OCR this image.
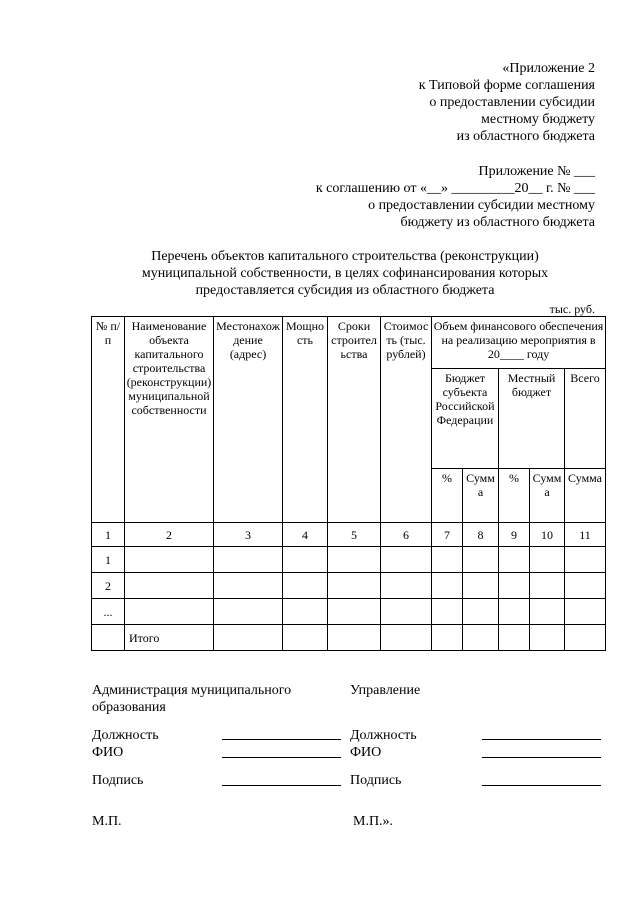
«Приложение 2
к Типовой форме соглашения
о предоставлении субсидии
местному бюджету
из областного бюджета
Приложение № ___
к соглашению от «__» _________20__ г. № ___
о предоставлении субсидии местному
бюджету из областного бюджета
Перечень объектов капитального строительства (реконструкции)
муниципальной собственности, в целях софинансирования которых
предоставляется субсидия из областного бюджета
тыс. руб.
№ п/п	Наименование объекта капитального строительства (реконструкции) муниципальной собственности	Местонахождение (адрес)	Мощность	Сроки строительства	Стоимость (тыс. рублей)	Объем финансового обеспечения на реализацию мероприятия в 20____ году				
						Бюджет субъекта Российской Федерации		Местный бюджет		Всего
						%	Сумма	%	Сумма	Сумма
1	2	3	4	5	6	7	8	9	10	11
1										
2										
...										
	Итого									
Администрация муниципального образования
Управление
Должность
ФИО
Должность
ФИО
Подпись	Подпись
М.П.	М.П.».
